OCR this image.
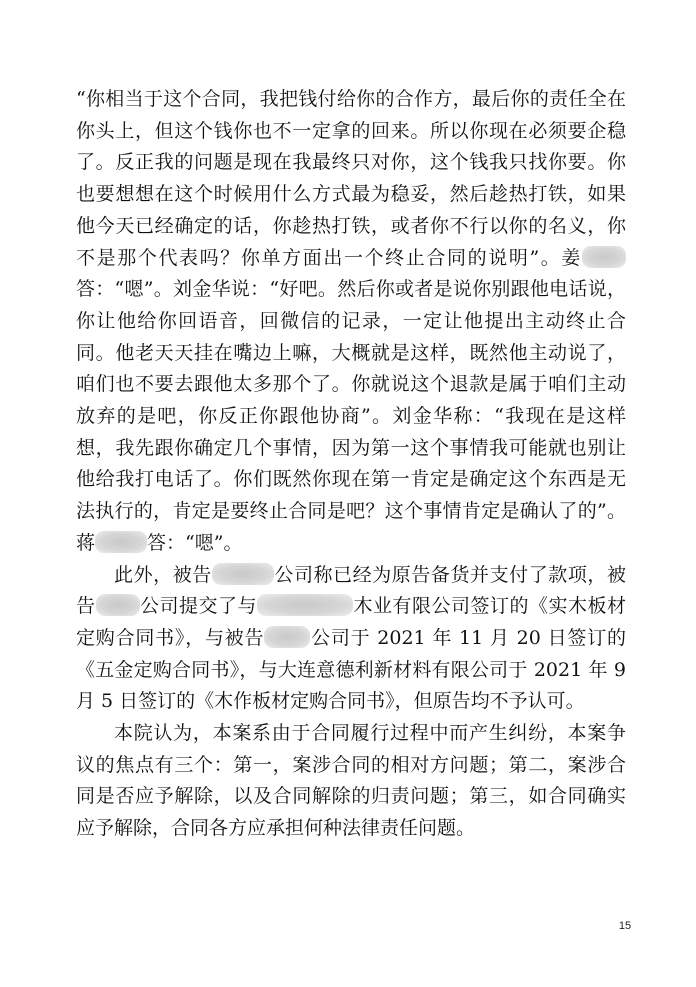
“你相当于这个合同，我把钱付给你的合作方，最后你的责任全在你头上，但这个钱你也不一定拿的回来。所以你现在必须要企稳了。反正我的问题是现在我最终只对你，这个钱我只找你要。你也要想想在这个时候用什么方式最为稳妥，然后趁热打铁，如果他今天已经确定的话，你趁热打铁，或者你不行以你的名义，你不是那个代表吗？你单方面出一个终止合同的说明”。姜答：“嗯”。刘金华说：“好吧。然后你或者是说你别跟他电话说，你让他给你回语音，回微信的记录，一定让他提出主动终止合同。他老天天挂在嘴边上嘛，大概就是这样，既然他主动说了，咱们也不要去跟他太多那个了。你就说这个退款是属于咱们主动放弃的是吧，你反正你跟他协商”。刘金华称：“我现在是这样想，我先跟你确定几个事情，因为第一这个事情我可能就也别让他给我打电话了。你们既然你现在第一肯定是确定这个东西是无法执行的，肯定是要终止合同是吧？这个事情肯定是确认了的”。蒋	答：“嗯”。

此外，被告	公司称已经为原告备货并支付了款项，被告 公司提交了与	木业有限公司签订的《实木板材定购合同书》，与被告 公司于 2021 年 11 月 20 日签订的《五金定购合同书》，与大连意德利新材料有限公司于 2021 年 9 月 5 日签订的《木作板材定购合同书》，但原告均不予认可。

本院认为，本案系由于合同履行过程中而产生纠纷，本案争议的焦点有三个：第一，案涉合同的相对方问题；第二，案涉合同是否应予解除，以及合同解除的归责问题；第三，如合同确实应予解除，合同各方应承担何种法律责任问题。

15
